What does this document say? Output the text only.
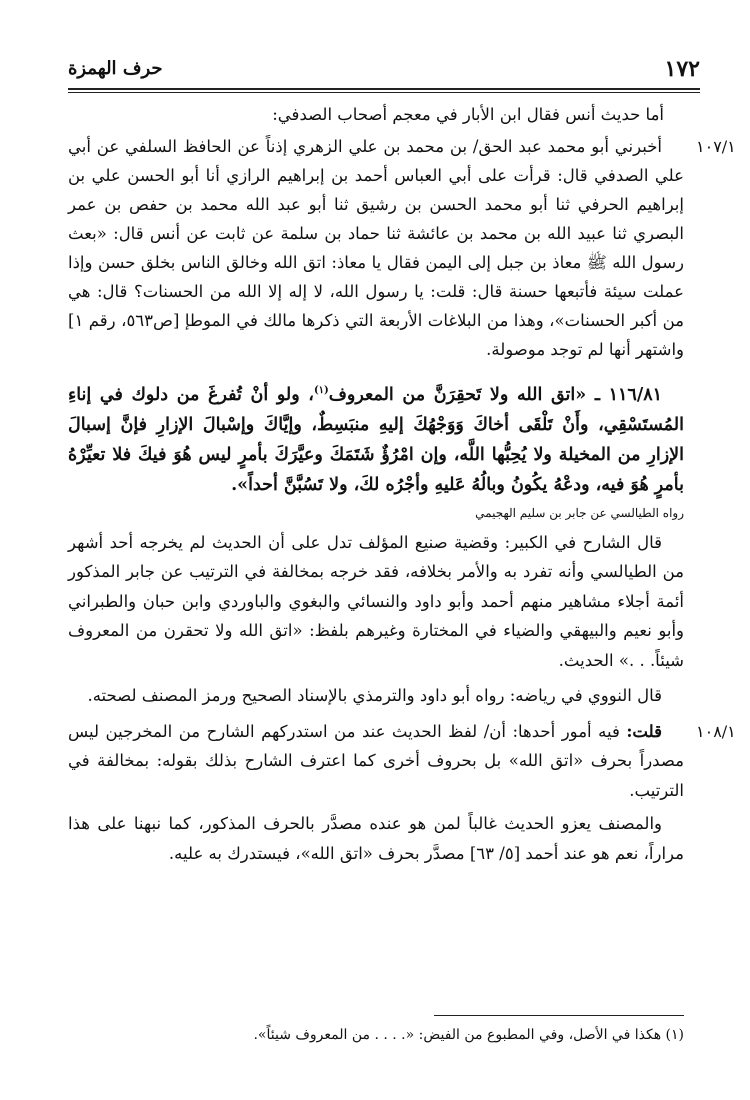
١٧٢
حرف الهمزة

أما حديث أنس فقال ابن الأبار في معجم أصحاب الصدفي:

١٠٧/١

أخبرني أبو محمد عبد الحق/ بن محمد بن علي الزهري إذناً عن الحافظ السلفي عن أبي علي الصدفي قال: قرأت على أبي العباس أحمد بن إبراهيم الرازي أنا أبو الحسن علي بن إبراهيم الحرفي ثنا أبو محمد الحسن بن رشيق ثنا أبو عبد الله محمد بن حفص بن عمر البصري ثنا عبيد الله بن محمد بن عائشة ثنا حماد بن سلمة عن ثابت عن أنس قال: «بعث رسول الله ﷺ معاذ بن جبل إلى اليمن فقال يا معاذ: اتق الله وخالق الناس بخلق حسن وإذا عملت سيئة فأتبعها حسنة قال: قلت: يا رسول الله، لا إله إلا الله من الحسنات؟ قال: هي من أكبر الحسنات»، وهذا من البلاغات الأربعة التي ذكرها مالك في الموطإ [ص٥٦٣، رقم ١] واشتهر أنها لم توجد موصولة.

١١٦/٨١ ـ «اتق الله ولا تَحقِرَنَّ من المعروف$^{(١)}$، ولو أنْ تُفرغَ من دلوك في إناءِ المُستَسْقِي، وأَنْ تَلْقَى أخاكَ وَوَجْهُكَ إليهِ منبَسِطٌ، وإيَّاكَ وإسْبالَ الإزارِ فإنَّ إسبالَ الإزارِ من المخيلة ولا يُحِبُّها اللَّه، وإن امْرُؤٌ شَتَمَكَ وعيَّرَكَ بأمرٍ ليس هُوَ فيكَ فلا تعيِّرْهُ بأمرٍ هُوَ فيه، ودعْهُ يكُونُ وبالُهُ عَليهِ وأجْرُه لكَ، ولا تَسُبَّنَّ أحداً».
رواه الطيالسي عن جابر بن سليم الهجيمي

قال الشارح في الكبير: وقضية صنيع المؤلف تدل على أن الحديث لم يخرجه أحد أشهر من الطيالسي وأنه تفرد به والأمر بخلافه، فقد خرجه بمخالفة في الترتيب عن جابر المذكور أئمة أجلاء مشاهير منهم أحمد وأبو داود والنسائي والبغوي والباوردي وابن حبان والطبراني وأبو نعيم والبيهقي والضياء في المختارة وغيرهم بلفظ: «اتق الله ولا تحقرن من المعروف شيئاً. . .» الحديث.

قال النووي في رياضه: رواه أبو داود والترمذي بالإسناد الصحيح ورمز المصنف لصحته.

١٠٨/١

قلت: فيه أمور أحدها: أن/ لفظ الحديث عند من استدركهم الشارح من المخرجين ليس مصدراً بحرف «اتق الله» بل بحروف أخرى كما اعترف الشارح بذلك بقوله: بمخالفة في الترتيب.

والمصنف يعزو الحديث غالباً لمن هو عنده مصدَّر بالحرف المذكور، كما نبهنا على هذا مراراً، نعم هو عند أحمد [٥/ ٦٣] مصدَّر بحرف «اتق الله»، فيستدرك به عليه.

(١) هكذا في الأصل، وفي المطبوع من الفيض: «. . . . من المعروف شيئاً».
